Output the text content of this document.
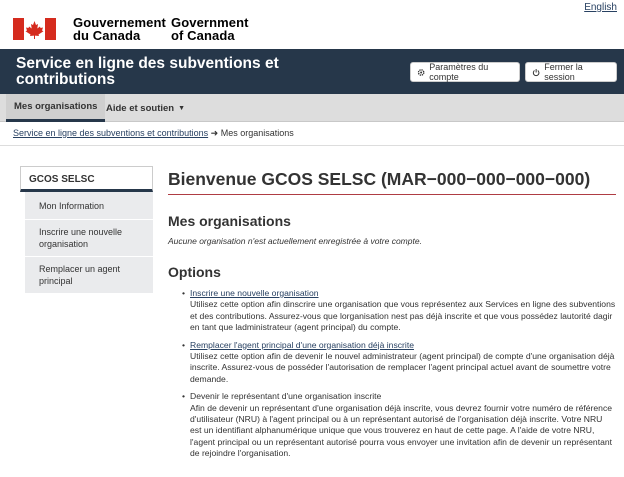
English
Gouvernement
du Canada
Government
of Canada
Service en ligne des subventions et contributions
Paramètres du compte
Fermer la session
Mes organisations Aide et soutien ▼
Service en ligne des subventions et contributions ➜ Mes organisations
GCOS SELSC
Mon Information
Inscrire une nouvelle organisation
Remplacer un agent principal
Bienvenue GCOS SELSC (MAR−000−000−000−000)
Mes organisations
Aucune organisation n'est actuellement enregistrée à votre compte.
Options
• Inscrire une nouvelle organisation
Utilisez cette option afin dinscrire une organisation que vous représentez aux Services en ligne des subventions et des contributions. Assurez-vous que lorganisation nest pas déjà inscrite et que vous possédez lautorité dagir en tant que ladministrateur (agent principal) du compte.
• Remplacer l'agent principal d'une organisation déjà inscrite
Utilisez cette option afin de devenir le nouvel administrateur (agent principal) de compte d'une organisation déjà inscrite. Assurez-vous de posséder l'autorisation de remplacer l'agent principal actuel avant de soumettre votre demande.
• Devenir le représentant d'une organisation inscrite
Afin de devenir un représentant d'une organisation déjà inscrite, vous devrez fournir votre numéro de référence d'utilisateur (NRU) à l'agent principal ou à un représentant autorisé de l'organisation déjà inscrite. Votre NRU est un identifiant alphanumérique unique que vous trouverez en haut de cette page. A l'aide de votre NRU, l'agent principal ou un représentant autorisé pourra vous envoyer une invitation afin de devenir un représentant de rejoindre l'organisation.
